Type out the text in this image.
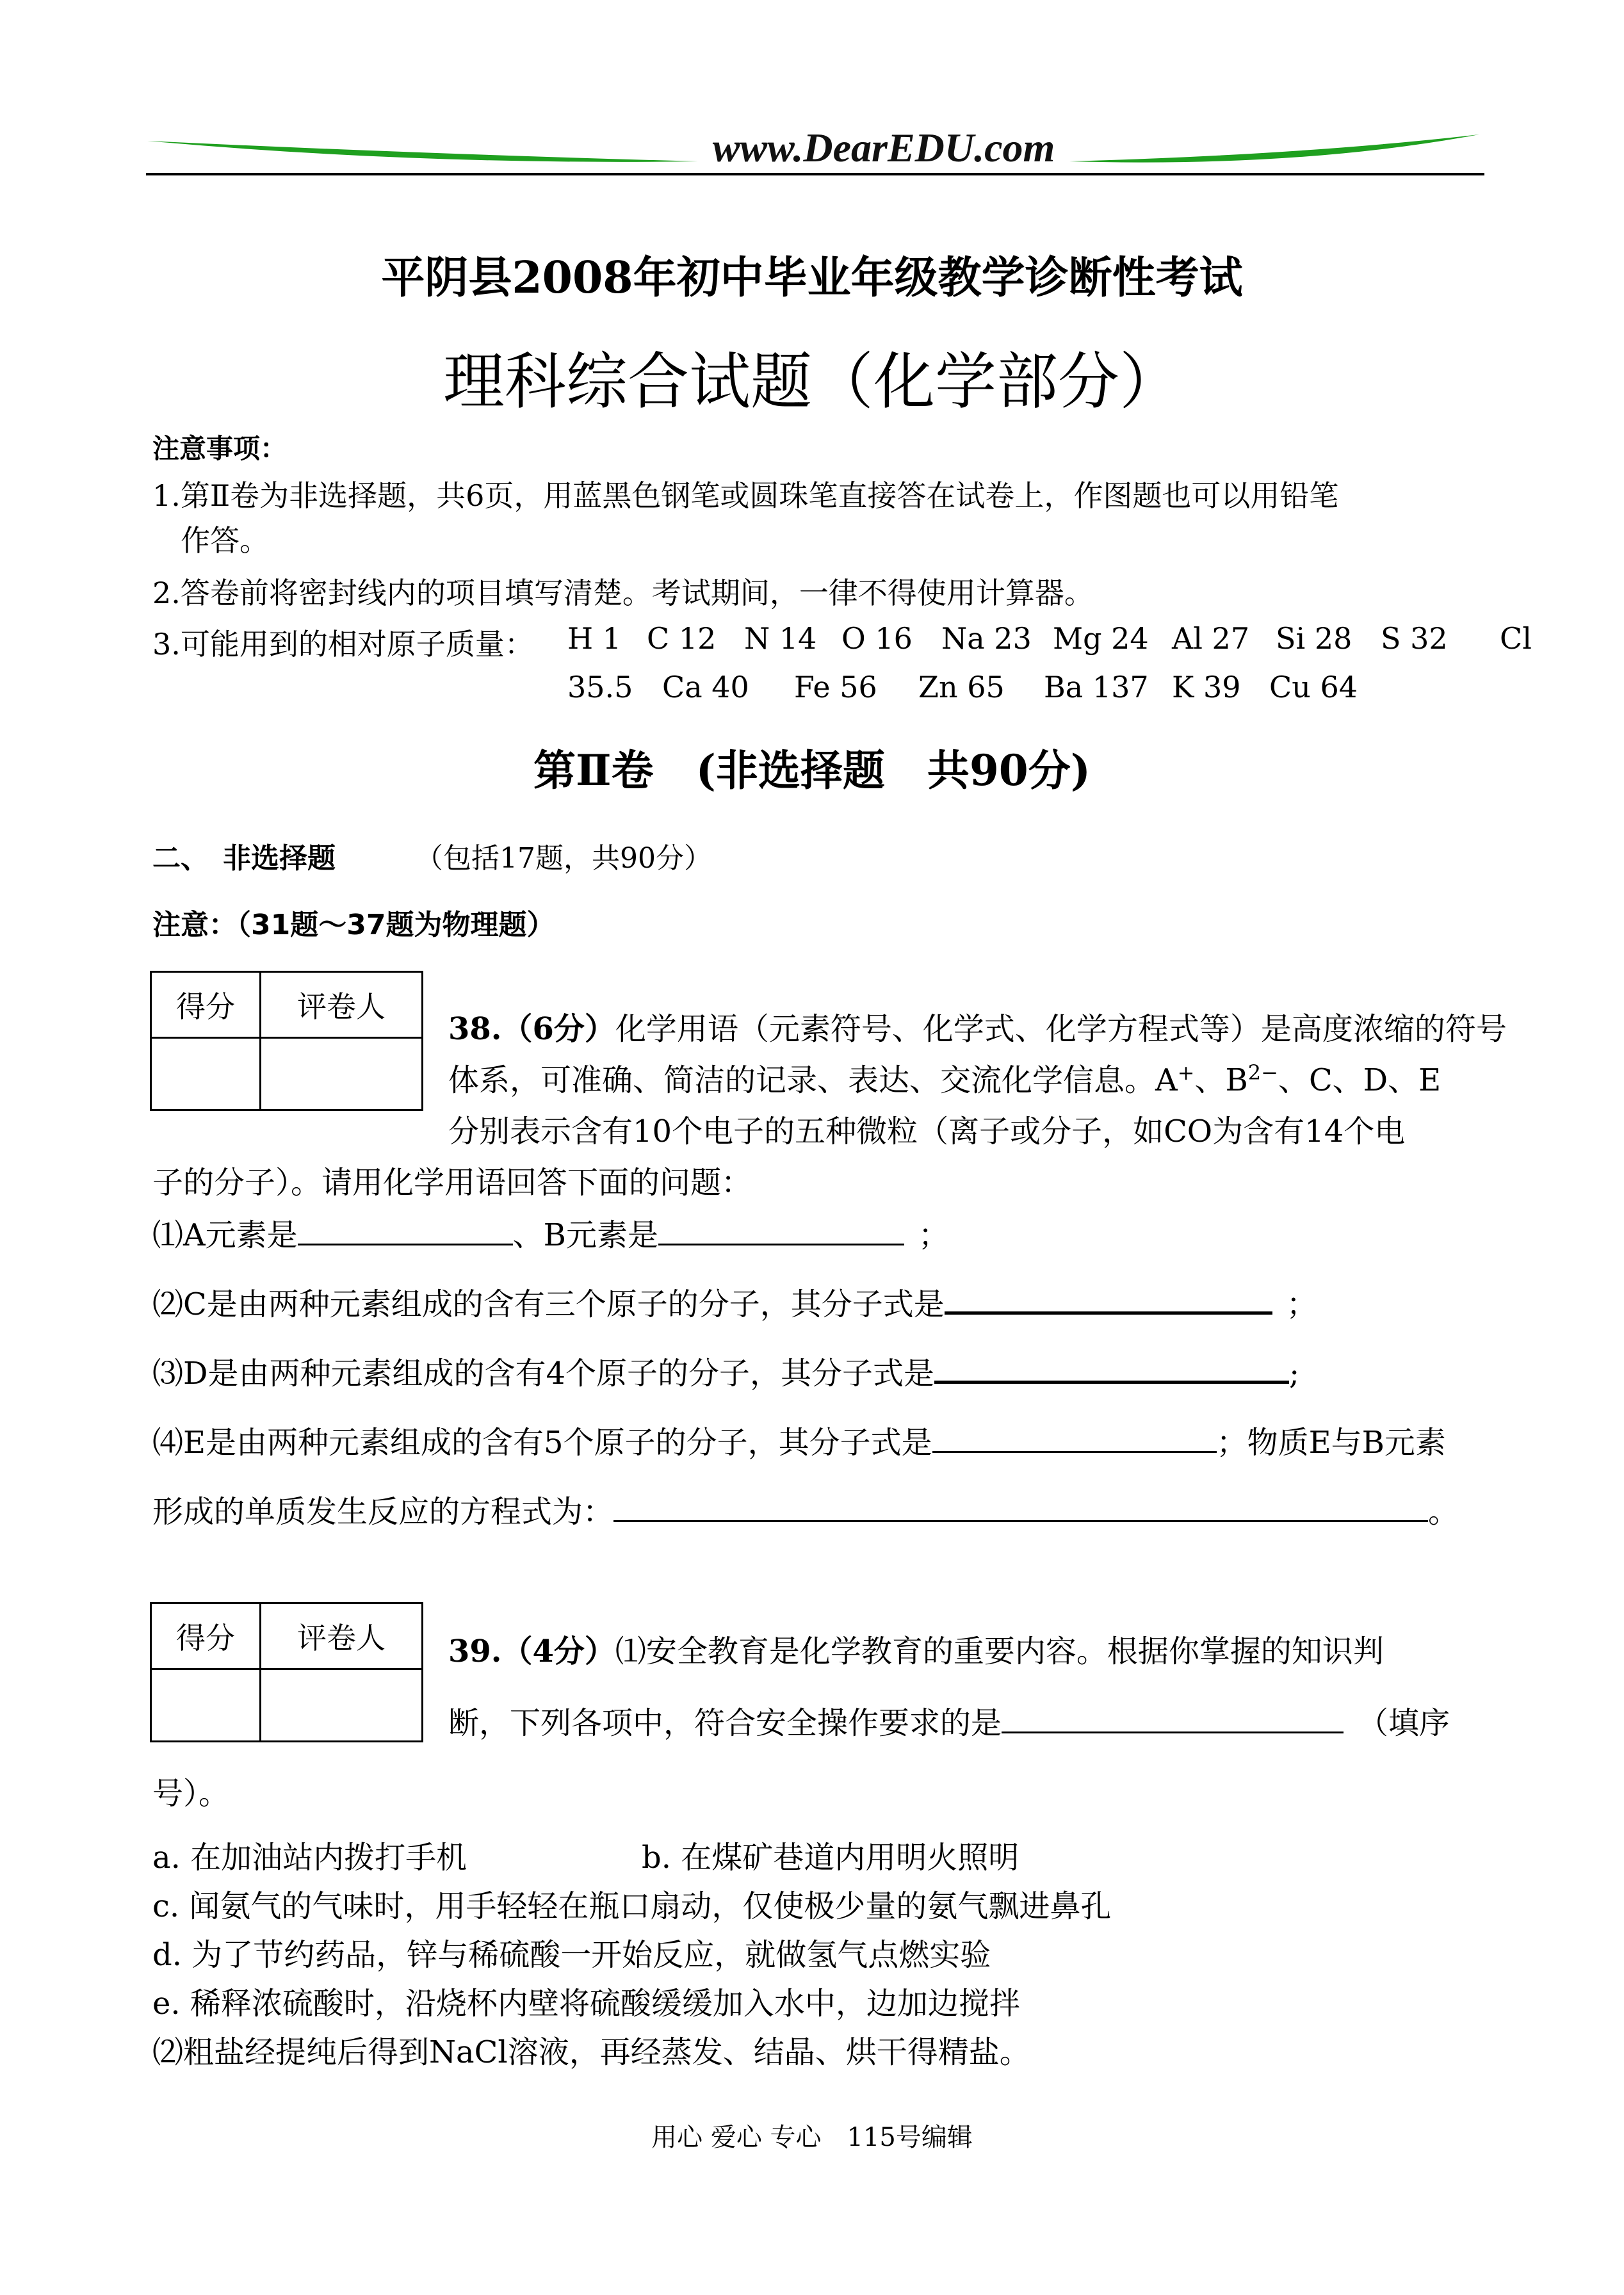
www.DearEDU.com
平阴县2008年初中毕业年级教学诊断性考试
理科综合试题（化学部分）
注意事项：
1.第Ⅱ卷为非选择题，共6页，用蓝黑色钢笔或圆珠笔直接答在试卷上，作图题也可以用铅笔
作答。
2.答卷前将密封线内的项目填写清楚。考试期间，一律不得使用计算器。
3.可能用到的相对原子质量： H 1 C 12 N 14 O 16 Na 23 Mg 24 Al 27 Si 28 S 32 Cl
35.5 Ca 40 Fe 56 Zn 65 Ba 137 K 39 Cu 64
第Ⅱ卷　(非选择题　共90分)
二、　非选择题	（包括17题，共90分）
注意：（31题～37题为物理题）
得分	评卷人

38.（6分）化学用语（元素符号、化学式、化学方程式等）是高度浓缩的符号
体系，可准确、简洁的记录、表达、交流化学信息。A+、$B^{2-}$、C、D、E
分别表示含有10个电子的五种微粒（离子或分子，如CO为含有14个电
子的分子）。请用化学用语回答下面的问题：
⑴A元素是	、B元素是	；
⑵C是由两种元素组成的含有三个原子的分子，其分子式是	；
⑶D是由两种元素组成的含有4个原子的分子，其分子式是	;
⑷E是由两种元素组成的含有5个原子的分子，其分子式是	；物质E与B元素
形成的单质发生反应的方程式为：	。
得分	评卷人
	39.（4分）⑴安全教育是化学教育的重要内容。根据你掌握的知识判
断，下列各项中，符合安全操作要求的是	（填序
号）。
a. 在加油站内拨打手机	b. 在煤矿巷道内用明火照明
c. 闻氨气的气味时，用手轻轻在瓶口扇动，仅使极少量的氨气飘进鼻孔
d. 为了节约药品，锌与稀硫酸一开始反应，就做氢气点燃实验
e. 稀释浓硫酸时，沿烧杯内壁将硫酸缓缓加入水中，边加边搅拌
⑵粗盐经提纯后得到NaCl溶液，再经蒸发、结晶、烘干得精盐。
用心 爱心 专心　115号编辑
